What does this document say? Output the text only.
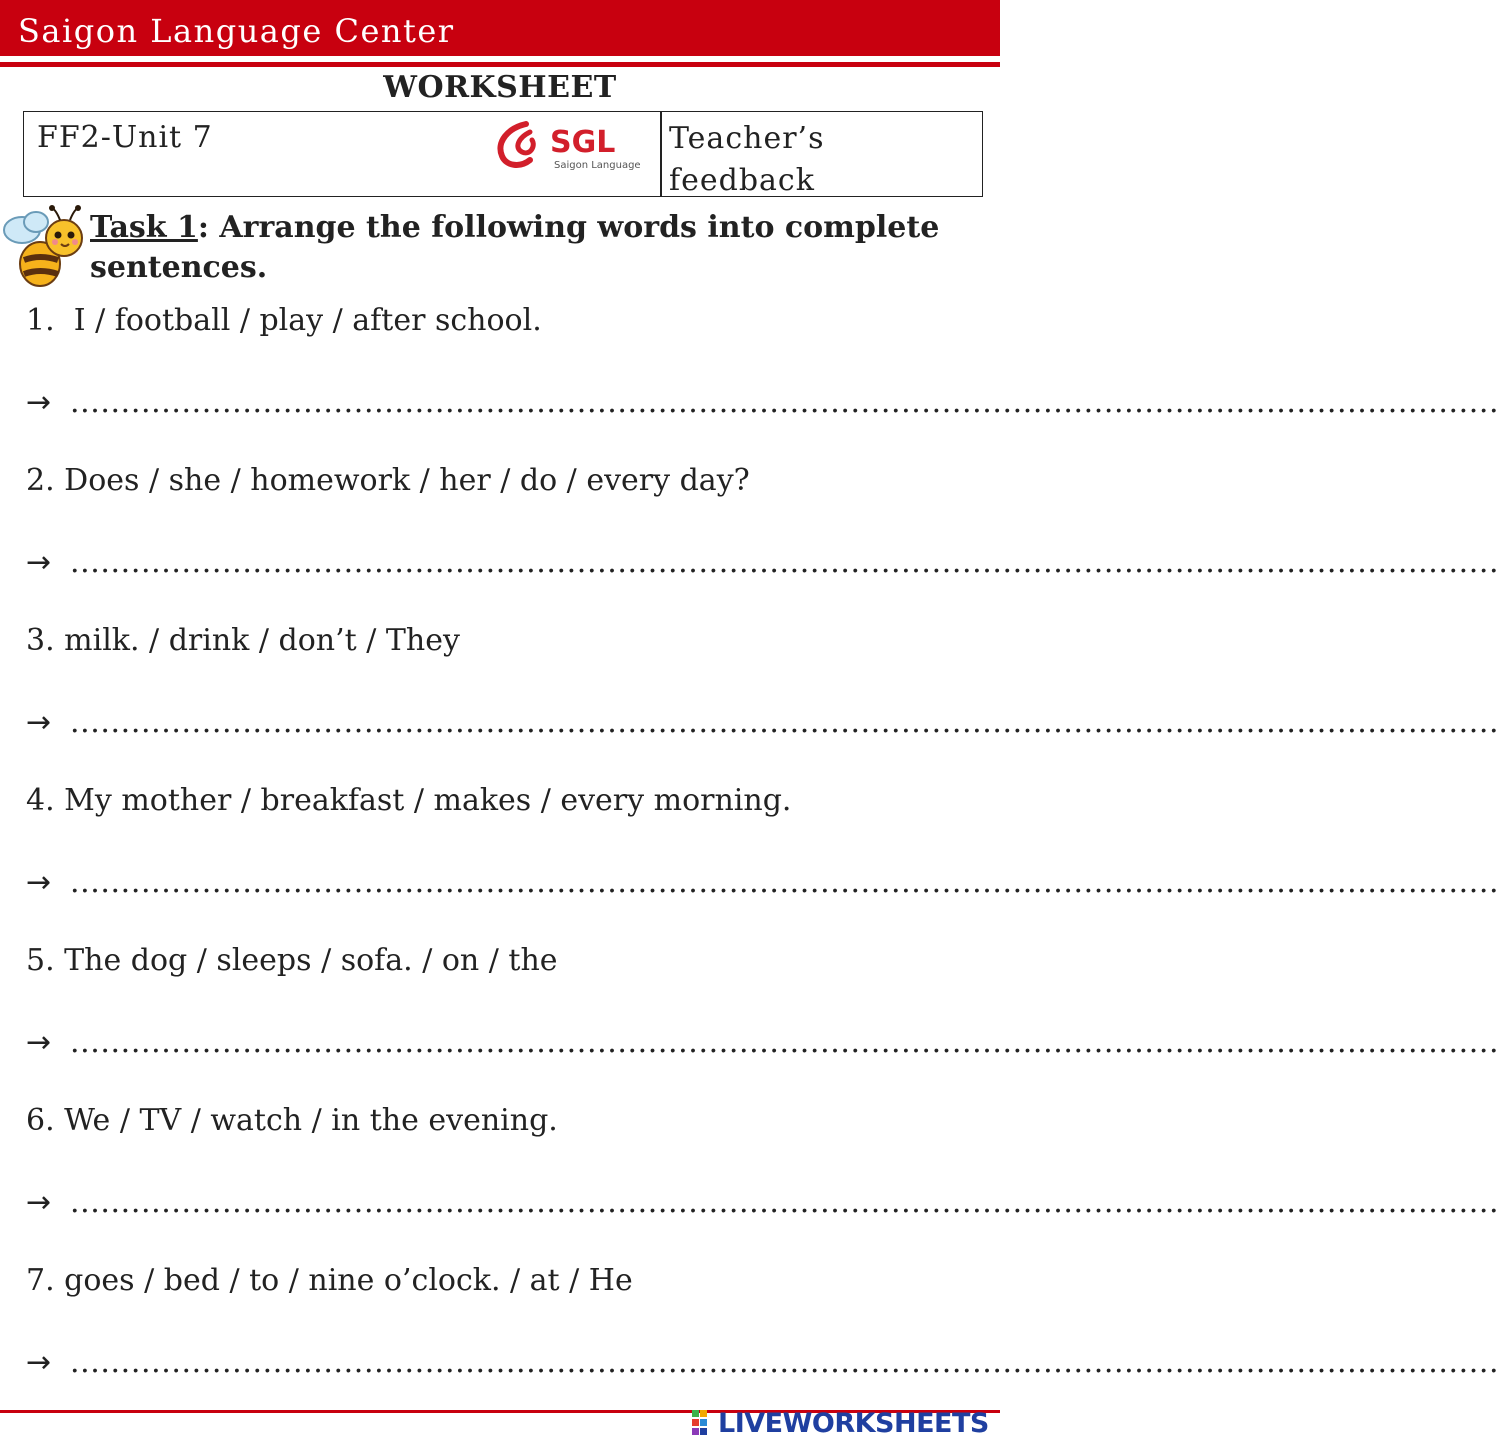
Saigon Language Center
WORKSHEET
FF2-Unit 7	SGL
Saigon Language
Teacher’s feedback
Task 1: Arrange the following words into complete sentences.
1.  I / football / play / after school.
→ .............................................................................................................................................
2. Does / she / homework / her / do / every day?
→ .............................................................................................................................................
3. milk. / drink / don’t / They
→ .............................................................................................................................................
4. My mother / breakfast / makes / every morning.
→ .............................................................................................................................................
5. The dog / sleeps / sofa. / on / the
→ .............................................................................................................................................
6. We / TV / watch / in the evening.
→ .............................................................................................................................................
7. goes / bed / to / nine o’clock. / at / He
→ .............................................................................................................................................
LIVEWORKSHEETS
